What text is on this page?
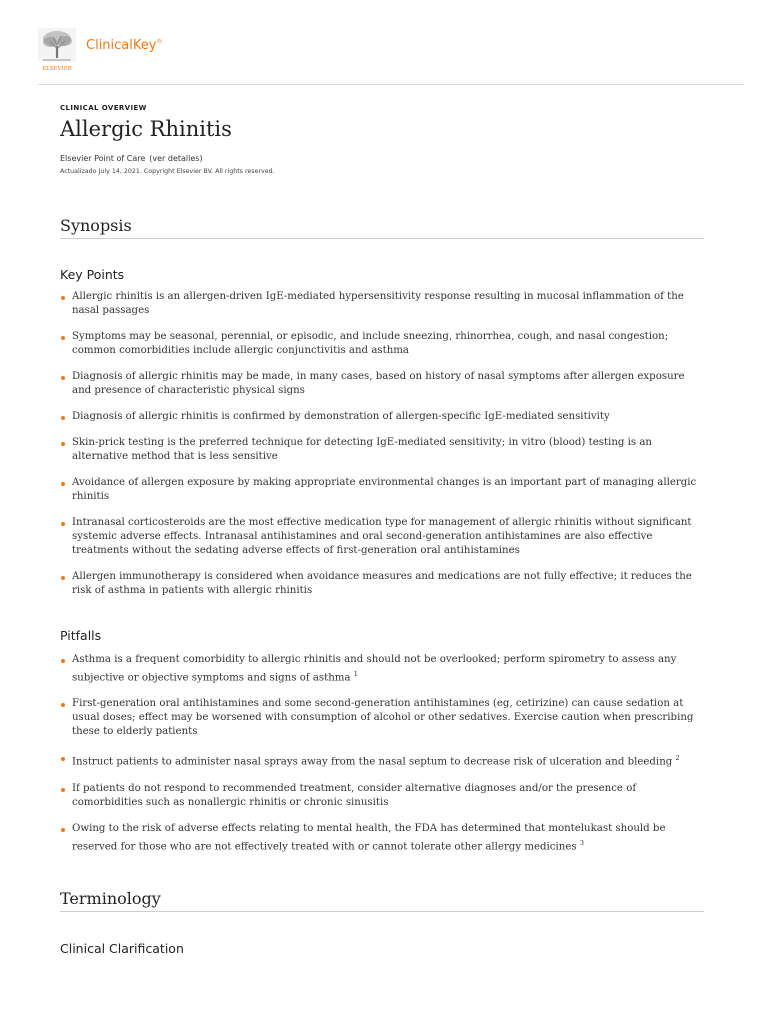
ELSEVIER
ClinicalKey®

CLINICAL OVERVIEW

Allergic Rhinitis
Elsevier Point of Care (ver detalles)
Actualizado July 14, 2021. Copyright Elsevier BV. All rights reserved.
Synopsis
Key Points
Allergic rhinitis is an allergen-driven IgE-mediated hypersensitivity response resulting in mucosal inflammation of the nasal passages
Symptoms may be seasonal, perennial, or episodic, and include sneezing, rhinorrhea, cough, and nasal congestion; common comorbidities include allergic conjunctivitis and asthma
Diagnosis of allergic rhinitis may be made, in many cases, based on history of nasal symptoms after allergen exposure and presence of characteristic physical signs
Diagnosis of allergic rhinitis is confirmed by demonstration of allergen-specific IgE-mediated sensitivity
Skin-prick testing is the preferred technique for detecting IgE-mediated sensitivity; in vitro (blood) testing is an alternative method that is less sensitive
Avoidance of allergen exposure by making appropriate environmental changes is an important part of managing allergic rhinitis
Intranasal corticosteroids are the most effective medication type for management of allergic rhinitis without significant systemic adverse effects. Intranasal antihistamines and oral second-generation antihistamines are also effective treatments without the sedating adverse effects of first-generation oral antihistamines
Allergen immunotherapy is considered when avoidance measures and medications are not fully effective; it reduces the risk of asthma in patients with allergic rhinitis
Pitfalls
Asthma is a frequent comorbidity to allergic rhinitis and should not be overlooked; perform spirometry to assess any subjective or objective symptoms and signs of asthma $^1$
First-generation oral antihistamines and some second-generation antihistamines (eg, cetirizine) can cause sedation at usual doses; effect may be worsened with consumption of alcohol or other sedatives. Exercise caution when prescribing these to elderly patients
Instruct patients to administer nasal sprays away from the nasal septum to decrease risk of ulceration and bleeding $^2$
If patients do not respond to recommended treatment, consider alternative diagnoses and/or the presence of comorbidities such as nonallergic rhinitis or chronic sinusitis
Owing to the risk of adverse effects relating to mental health, the FDA has determined that montelukast should be reserved for those who are not effectively treated with or cannot tolerate other allergy medicines $^3$
Terminology
Clinical Clarification
